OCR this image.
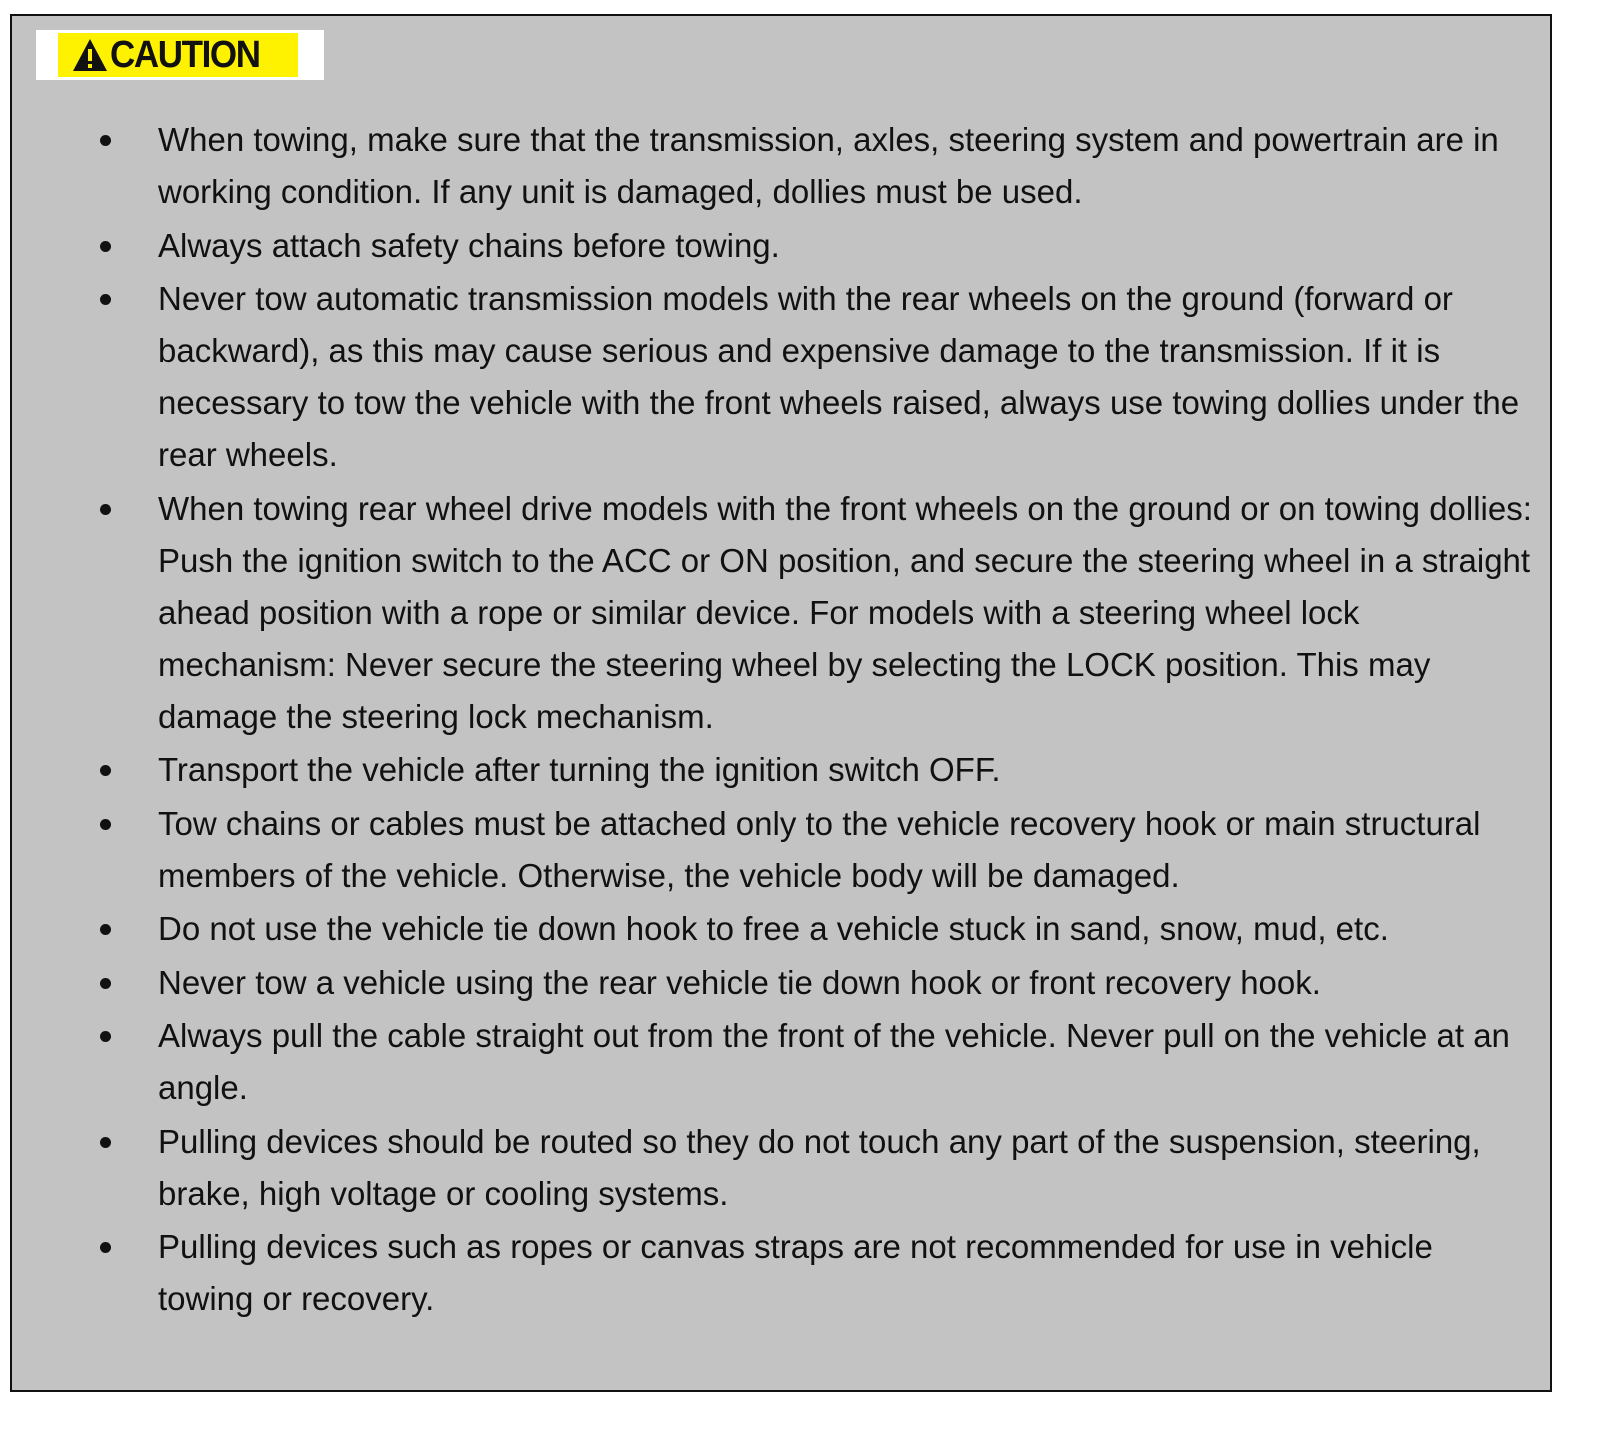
CAUTION
When towing, make sure that the transmission, axles, steering system and powertrain are in working condition. If any unit is damaged, dollies must be used.
Always attach safety chains before towing.
Never tow automatic transmission models with the rear wheels on the ground (forward or backward), as this may cause serious and expensive damage to the transmission. If it is necessary to tow the vehicle with the front wheels raised, always use towing dollies under the rear wheels.
When towing rear wheel drive models with the front wheels on the ground or on towing dollies: Push the ignition switch to the ACC or ON position, and secure the steering wheel in a straight ahead position with a rope or similar device. For models with a steering wheel lock mechanism: Never secure the steering wheel by selecting the LOCK position. This may damage the steering lock mechanism.
Transport the vehicle after turning the ignition switch OFF.
Tow chains or cables must be attached only to the vehicle recovery hook or main structural members of the vehicle. Otherwise, the vehicle body will be damaged.
Do not use the vehicle tie down hook to free a vehicle stuck in sand, snow, mud, etc.
Never tow a vehicle using the rear vehicle tie down hook or front recovery hook.
Always pull the cable straight out from the front of the vehicle. Never pull on the vehicle at an angle.
Pulling devices should be routed so they do not touch any part of the suspension, steering, brake, high voltage or cooling systems.
Pulling devices such as ropes or canvas straps are not recommended for use in vehicle towing or recovery.
